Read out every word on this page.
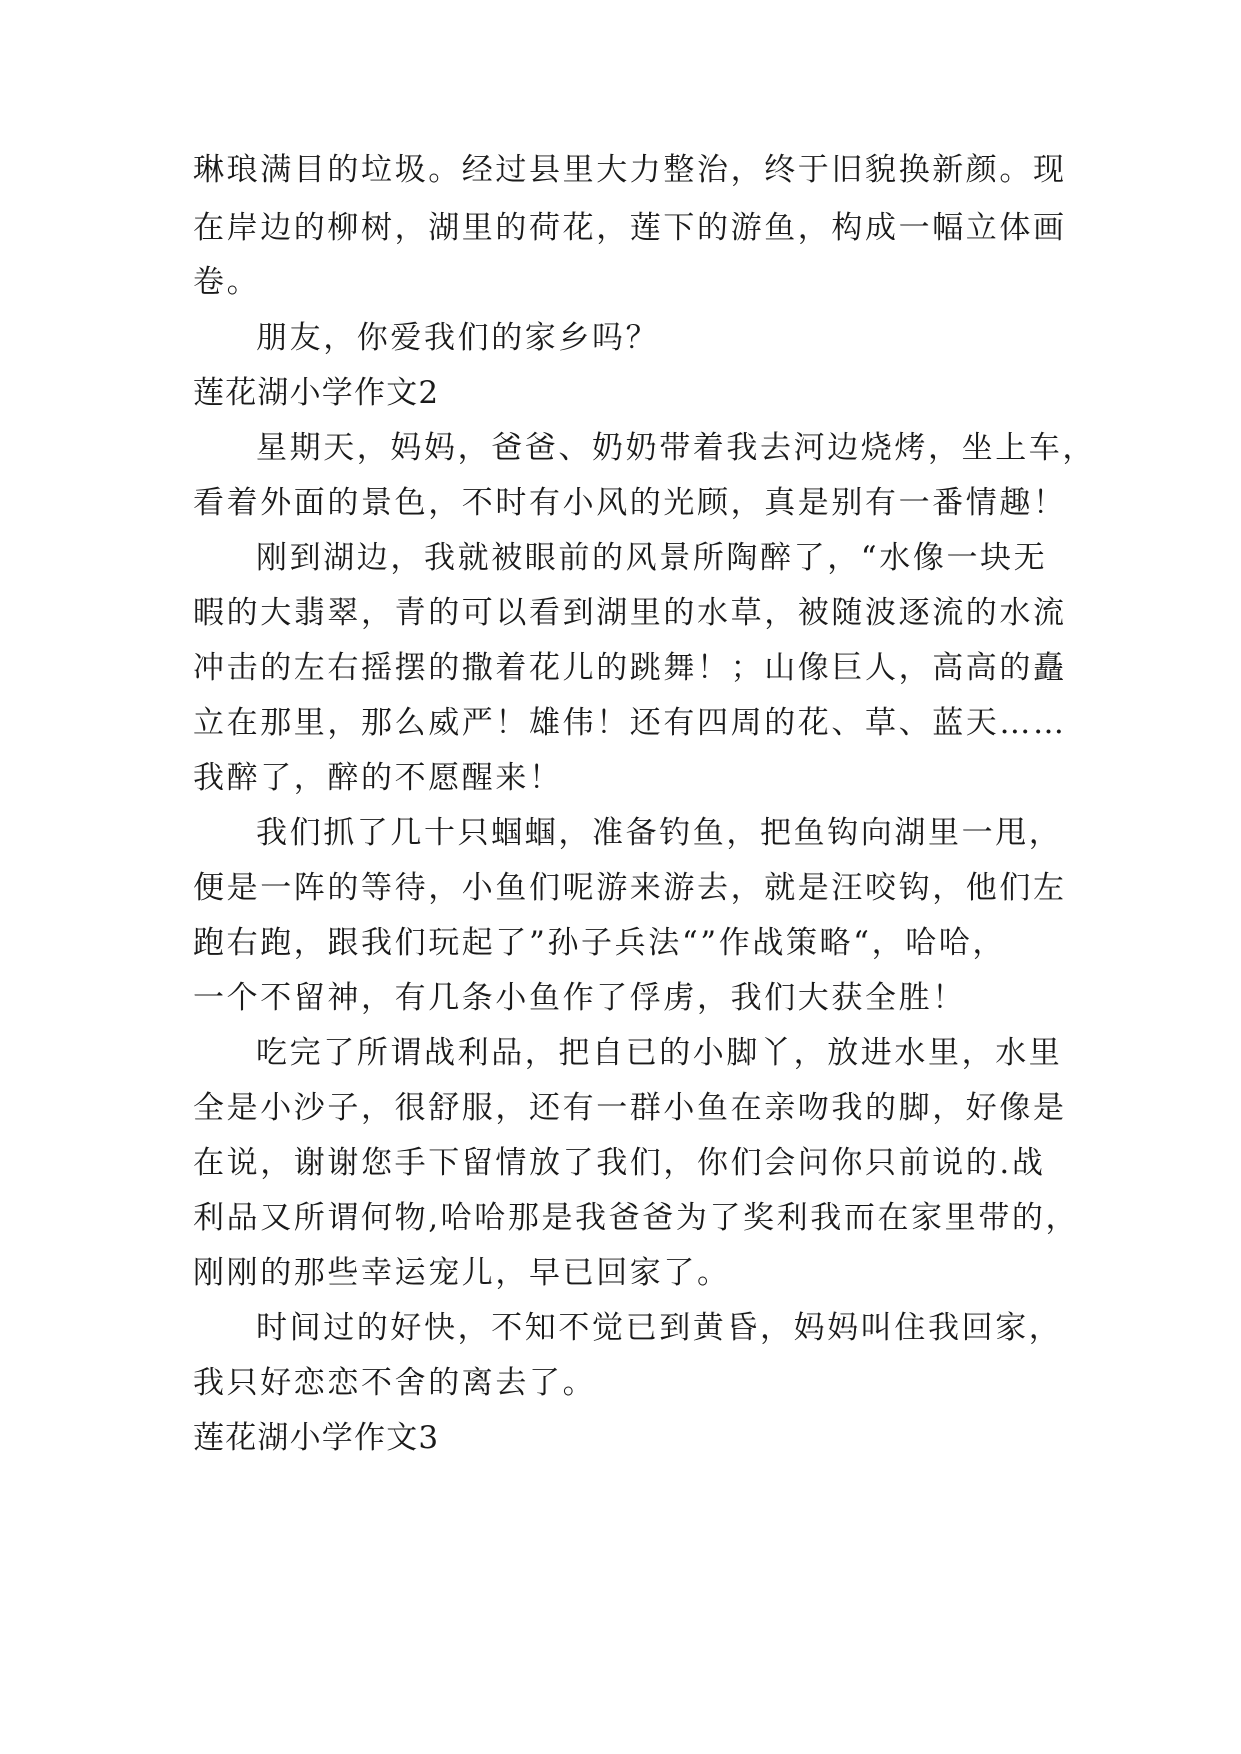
琳琅满目的垃圾。经过县里大力整治，终于旧貌换新颜。现
在岸边的柳树，湖里的荷花，莲下的游鱼，构成一幅立体画
卷。
朋友，你爱我们的家乡吗？
莲花湖小学作文2
星期天，妈妈，爸爸、奶奶带着我去河边烧烤，坐上车，
看着外面的景色，不时有小风的光顾，真是别有一番情趣！
刚到湖边，我就被眼前的风景所陶醉了，“水像一块无
暇的大翡翠，青的可以看到湖里的水草，被随波逐流的水流
冲击的左右摇摆的撒着花儿的跳舞！；山像巨人，高高的矗
立在那里，那么威严！雄伟！还有四周的花、草、蓝天……
我醉了，醉的不愿醒来！
我们抓了几十只蝈蝈，准备钓鱼，把鱼钩向湖里一甩，
便是一阵的等待，小鱼们呢游来游去，就是汪咬钩，他们左
跑右跑，跟我们玩起了”孙子兵法“”作战策略“，哈哈，
一个不留神，有几条小鱼作了俘虏，我们大获全胜！
吃完了所谓战利品，把自已的小脚丫，放进水里，水里
全是小沙子，很舒服，还有一群小鱼在亲吻我的脚，好像是
在说，谢谢您手下留情放了我们，你们会问你只前说的.战
利品又所谓何物,哈哈那是我爸爸为了奖利我而在家里带的，
刚刚的那些幸运宠儿，早已回家了。
时间过的好快，不知不觉已到黄昏，妈妈叫住我回家，
我只好恋恋不舍的离去了。
莲花湖小学作文3
